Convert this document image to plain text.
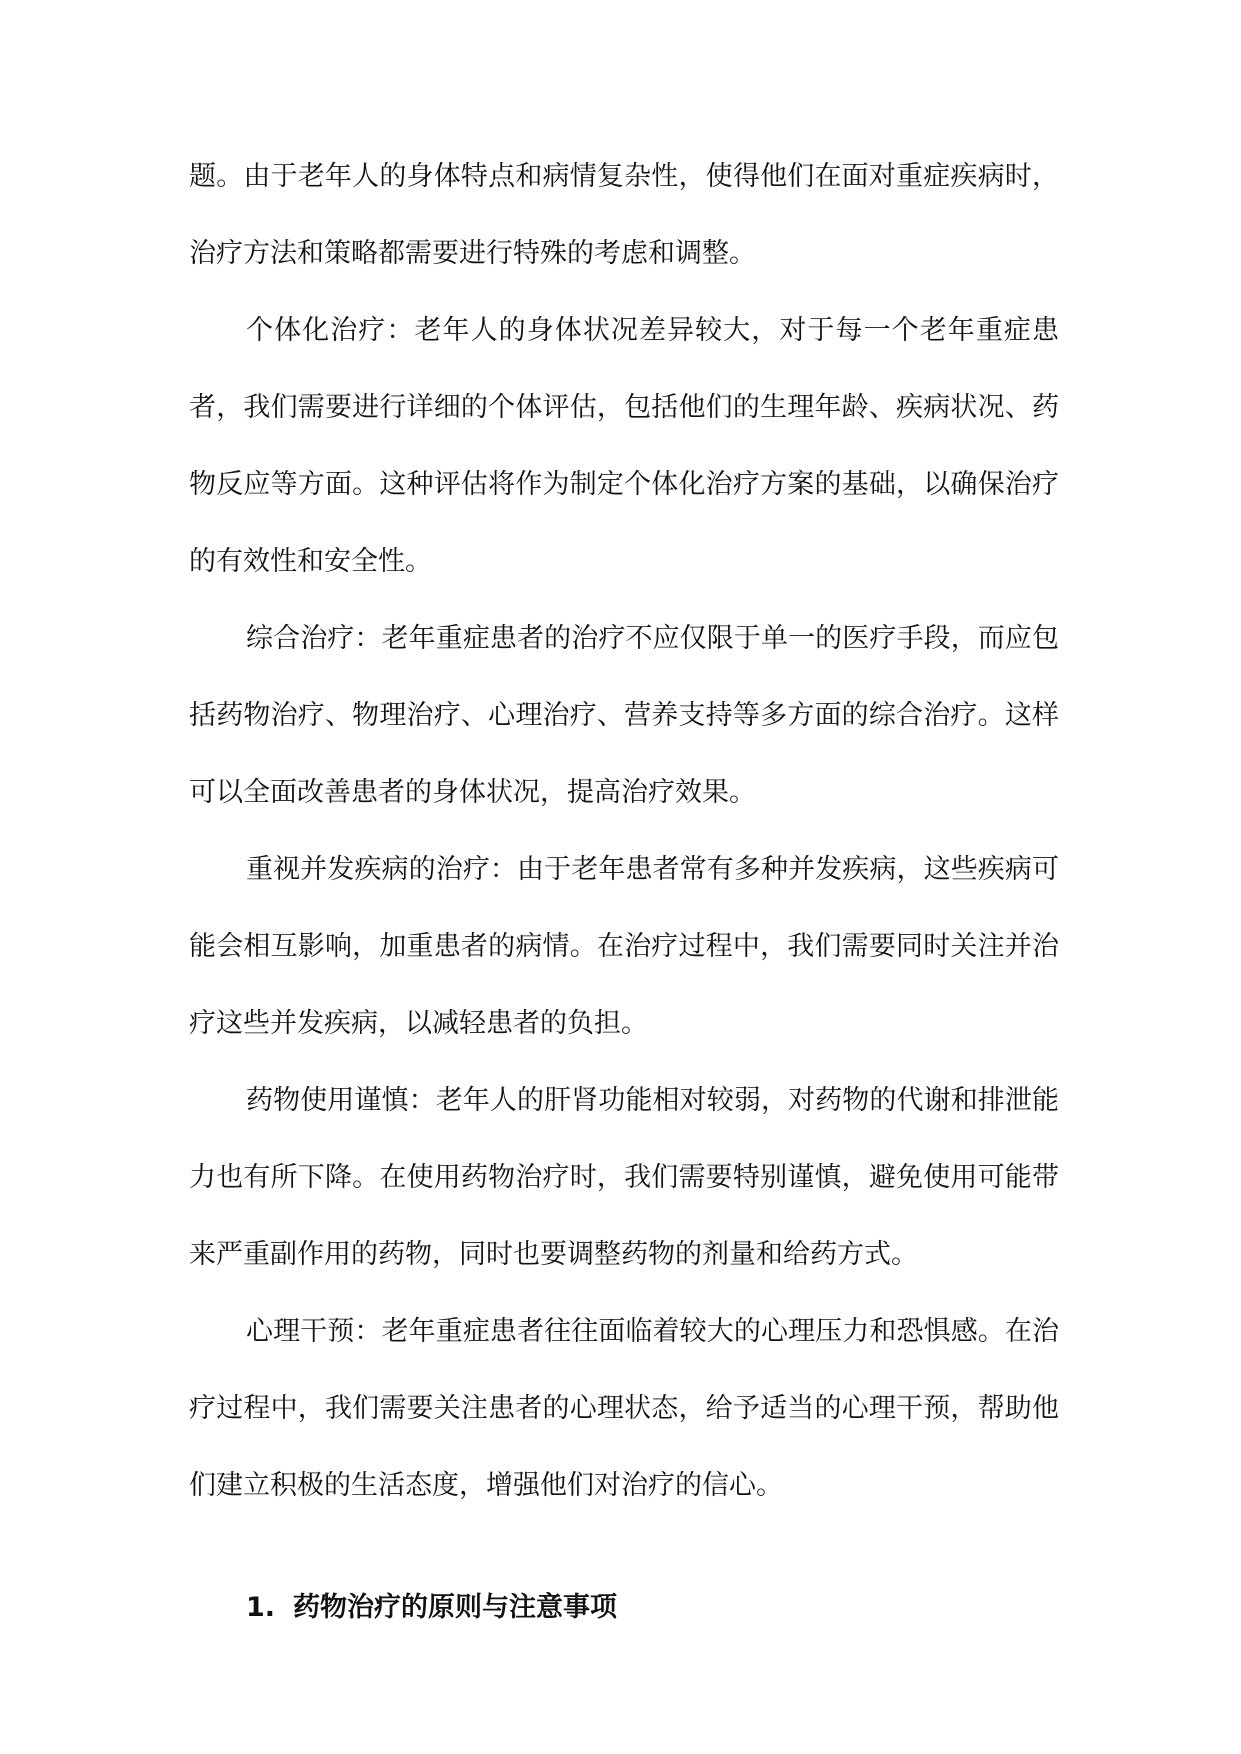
题。由于老年人的身体特点和病情复杂性，使得他们在面对重症疾病时，治疗方法和策略都需要进行特殊的考虑和调整。

个体化治疗：老年人的身体状况差异较大，对于每一个老年重症患者，我们需要进行详细的个体评估，包括他们的生理年龄、疾病状况、药物反应等方面。这种评估将作为制定个体化治疗方案的基础，以确保治疗的有效性和安全性。

综合治疗：老年重症患者的治疗不应仅限于单一的医疗手段，而应包括药物治疗、物理治疗、心理治疗、营养支持等多方面的综合治疗。这样可以全面改善患者的身体状况，提高治疗效果。

重视并发疾病的治疗：由于老年患者常有多种并发疾病，这些疾病可能会相互影响，加重患者的病情。在治疗过程中，我们需要同时关注并治疗这些并发疾病，以减轻患者的负担。

药物使用谨慎：老年人的肝肾功能相对较弱，对药物的代谢和排泄能力也有所下降。在使用药物治疗时，我们需要特别谨慎，避免使用可能带来严重副作用的药物，同时也要调整药物的剂量和给药方式。

心理干预：老年重症患者往往面临着较大的心理压力和恐惧感。在治疗过程中，我们需要关注患者的心理状态，给予适当的心理干预，帮助他们建立积极的生活态度，增强他们对治疗的信心。

1. 药物治疗的原则与注意事项
